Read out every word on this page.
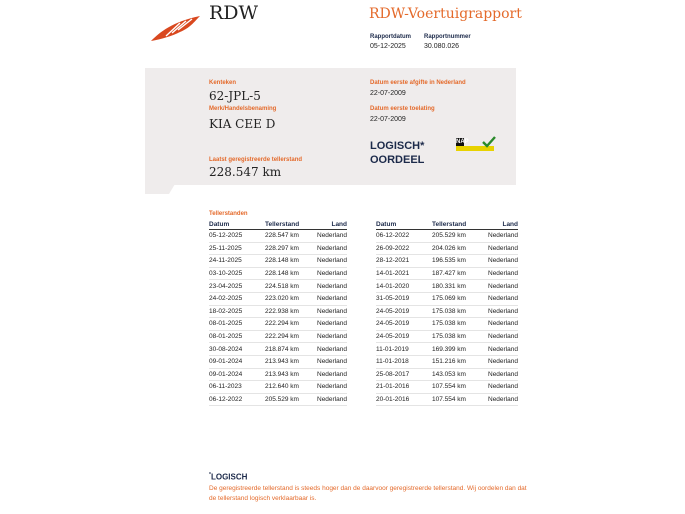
RDW	RDW-Voertuigrapport
Rapportdatum
05-12-2025
Rapportnummer
30.080.026
Kenteken
62-JPL-5
Merk/Handelsbenaming
KIA CEE D
Laatst geregistreerde tellerstand
228.547 km
Datum eerste afgifte in Nederland
22-07-2009
Datum eerste toelating
22-07-2009
LOGISCH*
OORDEEL
NAP
Tellerstanden
Datum	Tellerstand	Land
05-12-2025	228.547 km	Nederland
25-11-2025	228.297 km	Nederland
24-11-2025	228.148 km	Nederland
03-10-2025	228.148 km	Nederland
23-04-2025	224.518 km	Nederland
24-02-2025	223.020 km	Nederland
18-02-2025	222.938 km	Nederland
08-01-2025	222.294 km	Nederland
08-01-2025	222.294 km	Nederland
30-08-2024	218.874 km	Nederland
09-01-2024	213.943 km	Nederland
09-01-2024	213.943 km	Nederland
06-11-2023	212.640 km	Nederland
06-12-2022	205.529 km	Nederland
Datum	Tellerstand	Land
06-12-2022	205.529 km	Nederland
26-09-2022	204.026 km	Nederland
28-12-2021	196.535 km	Nederland
14-01-2021	187.427 km	Nederland
14-01-2020	180.331 km	Nederland
31-05-2019	175.069 km	Nederland
24-05-2019	175.038 km	Nederland
24-05-2019	175.038 km	Nederland
24-05-2019	175.038 km	Nederland
11-01-2019	169.399 km	Nederland
11-01-2018	151.216 km	Nederland
25-08-2017	143.053 km	Nederland
21-01-2016	107.554 km	Nederland
20-01-2016	107.554 km	Nederland
*LOGISCH
De geregistreerde tellerstand is steeds hoger dan de daarvoor geregistreerde tellerstand. Wij oordelen dan dat de tellerstand logisch verklaarbaar is.
